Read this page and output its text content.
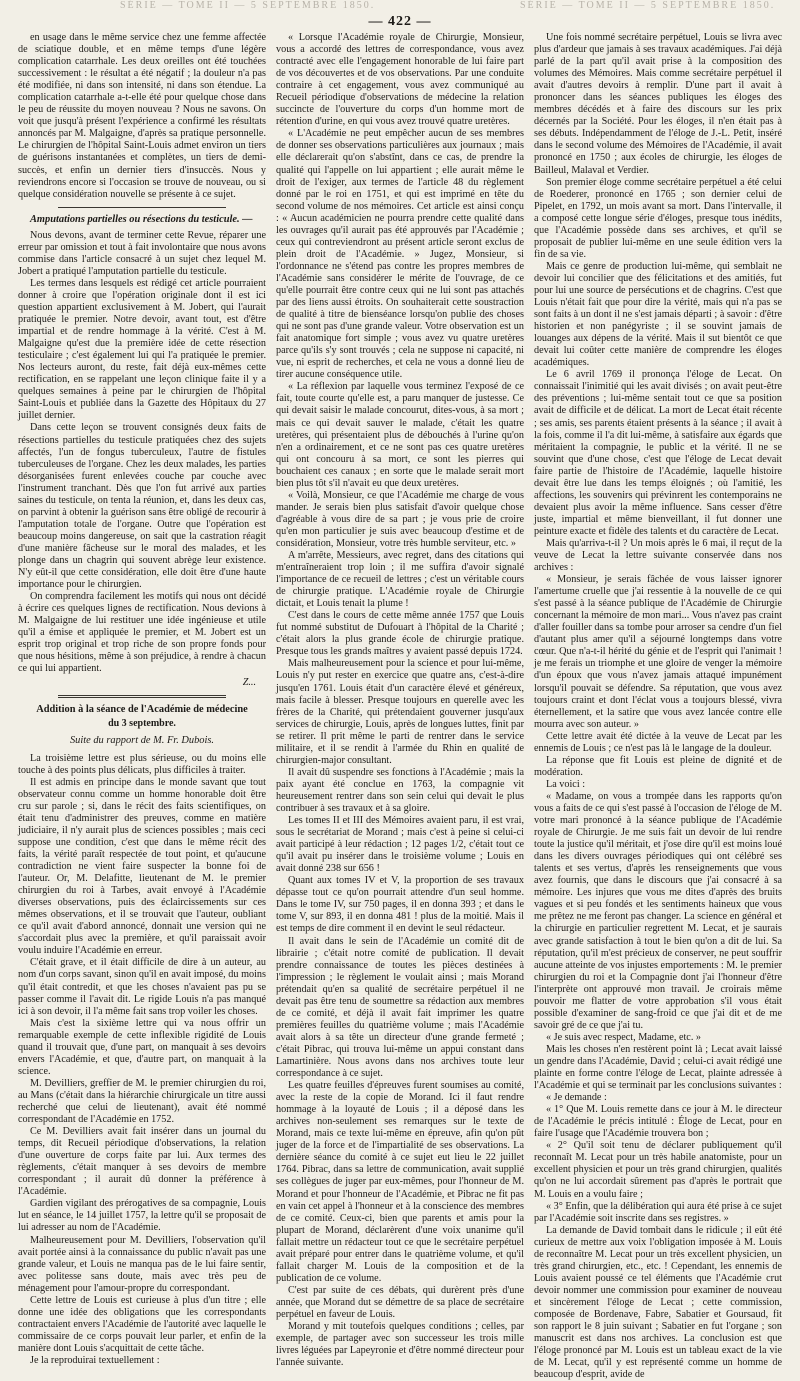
SÉRIE — TOME II — 5 SEPTEMBRE 1850.	SÉRIE — TOME II — 5 SEPTEMBRE 1850.
— 422 —

en usage dans le même service chez une femme affectée de sciatique double, et en même temps d'une légère complication catarrhale. Les deux oreilles ont été touchées successivement : le résultat a été négatif ; la douleur n'a pas été modifiée, ni dans son intensité, ni dans son étendue. La complication catarrhale a-t-elle été pour quelque chose dans le peu de réussite du moyen nouveau ? Nous ne savons. On voit que jusqu'à présent l'expérience a confirmé les résultats annoncés par M. Malgaigne, d'après sa pratique personnelle. Le chirurgien de l'hôpital Saint-Louis admet environ un tiers de guérisons instantanées et complètes, un tiers de demi-succès, et enfin un dernier tiers d'insuccès. Nous y reviendrons encore si l'occasion se trouve de nouveau, ou si quelque considération nouvelle se présente à ce sujet.

Amputations partielles ou résections du testicule. —

Nous devons, avant de terminer cette Revue, réparer une erreur par omission et tout à fait involontaire que nous avons commise dans l'article consacré à un sujet chez lequel M. Jobert a pratiqué l'amputation partielle du testicule.

Les termes dans lesquels est rédigé cet article pourraient donner à croire que l'opération originale dont il est ici question appartient exclusivement à M. Jobert, qui l'aurait pratiquée le premier. Notre devoir, avant tout, est d'être impartial et de rendre hommage à la vérité. C'est à M. Malgaigne qu'est due la première idée de cette résection testiculaire ; c'est également lui qui l'a pratiquée le premier. Nos lecteurs auront, du reste, fait déjà eux-mêmes cette rectification, en se rappelant une leçon clinique faite il y a quelques semaines à peine par le chirurgien de l'hôpital Saint-Louis et publiée dans la Gazette des Hôpitaux du 27 juillet dernier.

Dans cette leçon se trouvent consignés deux faits de résections partielles du testicule pratiquées chez des sujets affectés, l'un de fongus tuberculeux, l'autre de fistules tuberculeuses de l'organe. Chez les deux malades, les parties désorganisées furent enlevées couche par couche avec l'instrument tranchant. Dès que l'on fut arrivé aux parties saines du testicule, on tenta la réunion, et, dans les deux cas, on parvint à obtenir la guérison sans être obligé de recourir à l'amputation totale de l'organe. Outre que l'opération est beaucoup moins dangereuse, on sait que la castration réagit d'une manière fâcheuse sur le moral des malades, et les plonge dans un chagrin qui souvent abrège leur existence. N'y eût-il que cette considération, elle doit être d'une haute importance pour le chirurgien.

On comprendra facilement les motifs qui nous ont décidé à écrire ces quelques lignes de rectification. Nous devions à M. Malgaigne de lui restituer une idée ingénieuse et utile qu'il a émise et appliquée le premier, et M. Jobert est un esprit trop original et trop riche de son propre fonds pour que nous hésitions, même à son préjudice, à rendre à chacun ce qui lui appartient.

Z...
Addition à la séance de l'Académie de médecine
du 3 septembre.
Suite du rapport de M. Fr. Dubois.

La troisième lettre est plus sérieuse, ou du moins elle touche à des points plus délicats, plus difficiles à traiter.

Il est admis en principe dans le monde savant que tout observateur connu comme un homme honorable doit être cru sur parole ; si, dans le récit des faits scientifiques, on était tenu d'administrer des preuves, comme en matière judiciaire, il n'y aurait plus de sciences possibles ; mais ceci suppose une condition, c'est que dans le même récit des faits, la vérité paraît respectée de tout point, et qu'aucune contradiction ne vient faire suspecter la bonne foi de l'auteur. Or, M. Delafitte, lieutenant de M. le premier chirurgien du roi à Tarbes, avait envoyé à l'Académie diverses observations, puis des éclaircissements sur ces mêmes observations, et il se trouvait que l'auteur, oubliant ce qu'il avait d'abord annoncé, donnait une version qui ne s'accordait plus avec la première, et qu'il paraissait avoir voulu induire l'Académie en erreur.

C'était grave, et il était difficile de dire à un auteur, au nom d'un corps savant, sinon qu'il en avait imposé, du moins qu'il était contredit, et que les choses n'avaient pas pu se passer comme il l'avait dit. Le rigide Louis n'a pas manqué ici à son devoir, il l'a même fait sans trop voiler les choses.

Mais c'est la sixième lettre qui va nous offrir un remarquable exemple de cette inflexible rigidité de Louis quand il trouvait que, d'une part, on manquait à ses devoirs envers l'Académie, et que, d'autre part, on manquait à la science.

M. Devilliers, greffier de M. le premier chirurgien du roi, au Mans (c'était dans la hiérarchie chirurgicale un titre aussi recherché que celui de lieutenant), avait été nommé correspondant de l'Académie en 1752.

Ce M. Devilliers avait fait insérer dans un journal du temps, dit Recueil périodique d'observations, la relation d'une ouverture de corps faite par lui. Aux termes des règlements, c'était manquer à ses devoirs de membre correspondant ; il aurait dû donner la préférence à l'Académie.

Gardien vigilant des prérogatives de sa compagnie, Louis lut en séance, le 14 juillet 1757, la lettre qu'il se proposait de lui adresser au nom de l'Académie.

Malheureusement pour M. Devilliers, l'observation qu'il avait portée ainsi à la connaissance du public n'avait pas une grande valeur, et Louis ne manqua pas de le lui faire sentir, avec politesse sans doute, mais avec très peu de ménagement pour l'amour-propre du correspondant.

Cette lettre de Louis est curieuse à plus d'un titre ; elle donne une idée des obligations que les correspondants contractaient envers l'Académie de l'autorité avec laquelle le commissaire de ce corps pouvait leur parler, et enfin de la manière dont Louis s'acquittait de cette tâche.

Je la reproduirai textuellement :

« Lorsque l'Académie royale de Chirurgie, Monsieur, vous a accordé des lettres de correspondance, vous avez contracté avec elle l'engagement honorable de lui faire part de vos découvertes et de vos observations. Par une conduite contraire à cet engagement, vous avez communiqué au Recueil périodique d'observations de médecine la relation succincte de l'ouverture du corps d'un homme mort de rétention d'urine, en qui vous avez trouvé quatre uretères.

« L'Académie ne peut empêcher aucun de ses membres de donner ses observations particulières aux journaux ; mais elle déclarerait qu'on s'abstînt, dans ce cas, de prendre la qualité qui l'appelle on lui appartient ; elle aurait même le droit de l'exiger, aux termes de l'article 48 du règlement donné par le roi en 1751, et qui est imprimé en tête du second volume de nos mémoires. Cet article est ainsi conçu : « Aucun académicien ne pourra prendre cette qualité dans les ouvrages qu'il aurait pas été approuvés par l'Académie ; ceux qui contreviendront au présent article seront exclus de plein droit de l'Académie. » Jugez, Monsieur, si l'ordonnance ne s'étend pas contre les propres membres de l'Académie sans considérer le mérite de l'ouvrage, de ce qu'elle pourrait être contre ceux qui ne lui sont pas attachés par des liens aussi étroits. On souhaiterait cette soustraction de qualité à titre de bienséance lorsqu'on publie des choses qui ne sont pas d'une grande valeur. Votre observation est un fait anatomique fort simple ; vous avez vu quatre uretères parce qu'ils s'y sont trouvés ; cela ne suppose ni capacité, ni vue, ni esprit de recherches, et cela ne vous a donné lieu de tirer aucune conséquence utile.

« La réflexion par laquelle vous terminez l'exposé de ce fait, toute courte qu'elle est, a paru manquer de justesse. Ce qui devait saisir le malade concourut, dites-vous, à sa mort ; mais ce qui devait sauver le malade, c'était les quatre uretères, qui présentaient plus de débouchés à l'urine qu'on n'en a ordinairement, et ce ne sont pas ces quatre uretères qui ont concouru à sa mort, ce sont les pierres qui bouchaient ces canaux ; en sorte que le malade serait mort bien plus tôt s'il n'avait eu que deux uretères.

« Voilà, Monsieur, ce que l'Académie me charge de vous mander. Je serais bien plus satisfait d'avoir quelque chose d'agréable à vous dire de sa part ; je vous prie de croire qu'en mon particulier je suis avec beaucoup d'estime et de considération, Monsieur, votre très humble serviteur, etc. »

A m'arrête, Messieurs, avec regret, dans des citations qui m'entraîneraient trop loin ; il me suffira d'avoir signalé l'importance de ce recueil de lettres ; c'est un véritable cours de chirurgie pratique. L'Académie royale de Chirurgie dictait, et Louis tenait la plume !

C'est dans le cours de cette même année 1757 que Louis fut nommé substitut de Dufouart à l'hôpital de la Charité ; c'était alors la plus grande école de chirurgie pratique. Presque tous les grands maîtres y avaient passé depuis 1724.

Mais malheureusement pour la science et pour lui-même, Louis n'y put rester en exercice que quatre ans, c'est-à-dire jusqu'en 1761. Louis était d'un caractère élevé et généreux, mais facile à blesser. Presque toujours en querelle avec les frères de la Charité, qui prétendaient gouverner jusqu'aux services de chirurgie, Louis, après de longues luttes, finit par se retirer. Il prit même le parti de rentrer dans le service militaire, et il se rendit à l'armée du Rhin en qualité de chirurgien-major consultant.

Il avait dû suspendre ses fonctions à l'Académie ; mais la paix ayant été conclue en 1763, la compagnie vit heureusement rentrer dans son sein celui qui devait le plus contribuer à ses travaux et à sa gloire.

Les tomes II et III des Mémoires avaient paru, il est vrai, sous le secrétariat de Morand ; mais c'est à peine si celui-ci avait participé à leur rédaction ; 12 pages 1/2, c'était tout ce qu'il avait pu insérer dans le troisième volume ; Louis en avait donné 238 sur 656 !

Quant aux tomes IV et V, la proportion de ses travaux dépasse tout ce qu'on pourrait attendre d'un seul homme. Dans le tome IV, sur 750 pages, il en donna 393 ; et dans le tome V, sur 893, il en donna 481 ! plus de la moitié. Mais il est temps de dire comment il en devint le seul rédacteur.

Il avait dans le sein de l'Académie un comité dit de librairie ; c'était notre comité de publication. Il devait prendre connaissance de toutes les pièces destinées à l'impression ; le règlement le voulait ainsi ; mais Morand prétendait qu'en sa qualité de secrétaire perpétuel il ne devait pas être tenu de soumettre sa rédaction aux membres de ce comité, et déjà il avait fait imprimer les quatre premières feuilles du quatrième volume ; mais l'Académie avait alors à sa tête un directeur d'une grande fermeté ; c'était Pibrac, qui trouva lui-même un appui constant dans Lamartinière. Nous avons dans nos archives toute leur correspondance à ce sujet.

Les quatre feuilles d'épreuves furent soumises au comité, avec la reste de la copie de Morand. Ici il faut rendre hommage à la loyauté de Louis ; il a déposé dans les archives non-seulement ses remarques sur le texte de Morand, mais ce texte lui-même en épreuve, afin qu'on pût juger de la force et de l'impartialité de ses observations. La dernière séance du comité à ce sujet eut lieu le 22 juillet 1764. Pibrac, dans sa lettre de communication, avait supplié ses collègues de juger par eux-mêmes, pour l'honneur de M. Morand et pour l'honneur de l'Académie, et Pibrac ne fit pas en vain cet appel à l'honneur et à la conscience des membres de ce comité. Ceux-ci, bien que parents et amis pour la plupart de Morand, déclarèrent d'une voix unanime qu'il fallait mettre un rédacteur tout ce que le secrétaire perpétuel avait préparé pour entrer dans le quatrième volume, et qu'il fallait charger M. Louis de la composition et de la publication de ce volume.

C'est par suite de ces débats, qui durèrent près d'une année, que Morand dut se démettre de sa place de secrétaire perpétuel en faveur de Louis.

Morand y mit toutefois quelques conditions ; celles, par exemple, de partager avec son successeur les trois mille livres léguées par Lapeyronie et d'être nommé directeur pour l'année suivante.

Une fois nommé secrétaire perpétuel, Louis se livra avec plus d'ardeur que jamais à ses travaux académiques. J'ai déjà parlé de la part qu'il avait prise à la composition des volumes des Mémoires. Mais comme secrétaire perpétuel il avait d'autres devoirs à remplir. D'une part il avait à prononcer dans les séances publiques les éloges des membres décédés et à faire des discours sur les prix décernés par la Société. Pour les éloges, il n'en était pas à ses débuts. Indépendamment de l'éloge de J.-L. Petit, inséré dans le second volume des Mémoires de l'Académie, il avait prononcé en 1750 ; aux écoles de chirurgie, les éloges de Bailleul, Malaval et Verdier.

Son premier éloge comme secrétaire perpétuel a été celui de Roederer, prononcé en 1765 ; son dernier celui de Pipelet, en 1792, un mois avant sa mort. Dans l'intervalle, il a composé cette longue série d'éloges, presque tous inédits, que l'Académie possède dans ses archives, et qu'il se proposait de publier lui-même en une seule édition vers la fin de sa vie.

Mais ce genre de production lui-même, qui semblait ne devoir lui concilier que des félicitations et des amitiés, fut pour lui une source de persécutions et de chagrins. C'est que Louis n'était fait que pour dire la vérité, mais qui n'a pas se sont faits à un dont il ne s'est jamais départi ; à savoir : d'être historien et non panégyriste ; il se souvint jamais de louanges aux dépens de la vérité. Mais il sut bientôt ce que devait lui coûter cette manière de comprendre les éloges académiques.

Le 6 avril 1769 il prononça l'éloge de Lecat. On connaissait l'inimitié qui les avait divisés ; on avait peut-être des préventions ; lui-même sentait tout ce que sa position avait de difficile et de délicat. La mort de Lecat était récente ; ses amis, ses parents étaient présents à la séance ; il avait à la fois, comme il l'a dit lui-même, à satisfaire aux égards que méritaient la compagnie, le public et la vérité. Il ne se souvint que d'une chose, c'est que l'éloge de Lecat devait faire partie de l'histoire de l'Académie, laquelle histoire devait être lue dans les temps éloignés ; où l'amitié, les affections, les souvenirs qui prévinrent les contemporains ne devaient plus avoir la même influence. Sans cesser d'être juste, impartial et même bienveillant, il fut donner une peinture exacte et fidèle des talents et du caractère de Lecat.

Mais qu'arriva-t-il ? Un mois après le 6 mai, il reçut de la veuve de Lecat la lettre suivante conservée dans nos archives :

« Monsieur, je serais fâchée de vous laisser ignorer l'amertume cruelle que j'ai ressentie à la nouvelle de ce qui s'est passé à la séance publique de l'Académie de Chirurgie concernant la mémoire de mon mari... Vous n'avez pas craint d'aller fouiller dans sa tombe pour arroser sa cendre d'un fiel d'autant plus amer qu'il a séjourné longtemps dans votre cœur. Que n'a-t-il hérité du génie et de l'esprit qui l'animait ! je me ferais un triomphe et une gloire de venger la mémoire d'un époux que vous n'avez jamais attaqué impunément lorsqu'il pouvait se défendre. Sa réputation, que vous avez toujours craint et dont l'éclat vous a toujours blessé, vivra éternellement, et la satire que vous avez lancée contre elle mourra avec son auteur. »

Cette lettre avait été dictée à la veuve de Lecat par les ennemis de Louis ; ce n'est pas là le langage de la douleur.

La réponse que fit Louis est pleine de dignité et de modération.

La voici :

« Madame, on vous a trompée dans les rapports qu'on vous a faits de ce qui s'est passé à l'occasion de l'éloge de M. votre mari prononcé à la séance publique de l'Académie royale de Chirurgie. Je me suis fait un devoir de lui rendre toute la justice qu'il méritait, et j'ose dire qu'il est moins loué dans les divers ouvrages périodiques qui ont célébré ses talents et ses vertus, d'après les renseignements que vous avez fournis, que dans le discours que j'ai consacré à sa mémoire. Les injures que vous me dites d'après des bruits vagues et si peu fondés et les sentiments haineux que vous me prêtez ne me feront pas changer. La science en général et la chirurgie en particulier regrettent M. Lecat, et je saurais avec grande satisfaction à tout le bien qu'on a dit de lui. Sa réputation, qu'il m'est précieux de conserver, ne peut souffrir aucune atteinte de vos injustes emportements : M. le premier chirurgien du roi et la Compagnie dont j'ai l'honneur d'être l'interprète ont approuvé mon travail. Je croirais même pouvoir me flatter de votre approbation s'il vous était possible d'examiner de sang-froid ce que j'ai dit et de me savoir gré de ce que j'ai tu.

« Je suis avec respect, Madame, etc. »

Mais les choses n'en restèrent point là ; Lecat avait laissé un gendre dans l'Académie, David ; celui-ci avait rédigé une plainte en forme contre l'éloge de Lecat, plainte adressée à l'Académie et qui se terminait par les conclusions suivantes :

« Je demande :

« 1° Que M. Louis remette dans ce jour à M. le directeur de l'Académie le précis intitulé : Éloge de Lecat, pour en faire l'usage que l'Académie trouvera bon ;

« 2° Qu'il soit tenu de déclarer publiquement qu'il reconnaît M. Lecat pour un très habile anatomiste, pour un excellent physicien et pour un très grand chirurgien, qualités qu'on ne lui accordait sûrement pas d'après le portrait que M. Louis en a voulu faire ;

« 3° Enfin, que la délibération qui aura été prise à ce sujet par l'Académie soit inscrite dans ses registres. »

La demande de David tombait dans le ridicule ; il eût été curieux de mettre aux voix l'obligation imposée à M. Louis de reconnaître M. Lecat pour un très excellent physicien, un très grand chirurgien, etc., etc. ! Cependant, les ennemis de Louis avaient poussé ce tel éléments que l'Académie crut devoir nommer une commission pour examiner de nouveau et sincèrement l'éloge de Lecat ; cette commission, composée de Bordenave, Fabre, Sabatier et Goursaud, fit son rapport le 8 juin suivant ; Sabatier en fut l'organe ; son manuscrit est dans nos archives. La conclusion est que l'éloge prononcé par M. Louis est un tableau exact de la vie de M. Lecat, qu'il y est représenté comme un homme de beaucoup d'esprit, avide de
